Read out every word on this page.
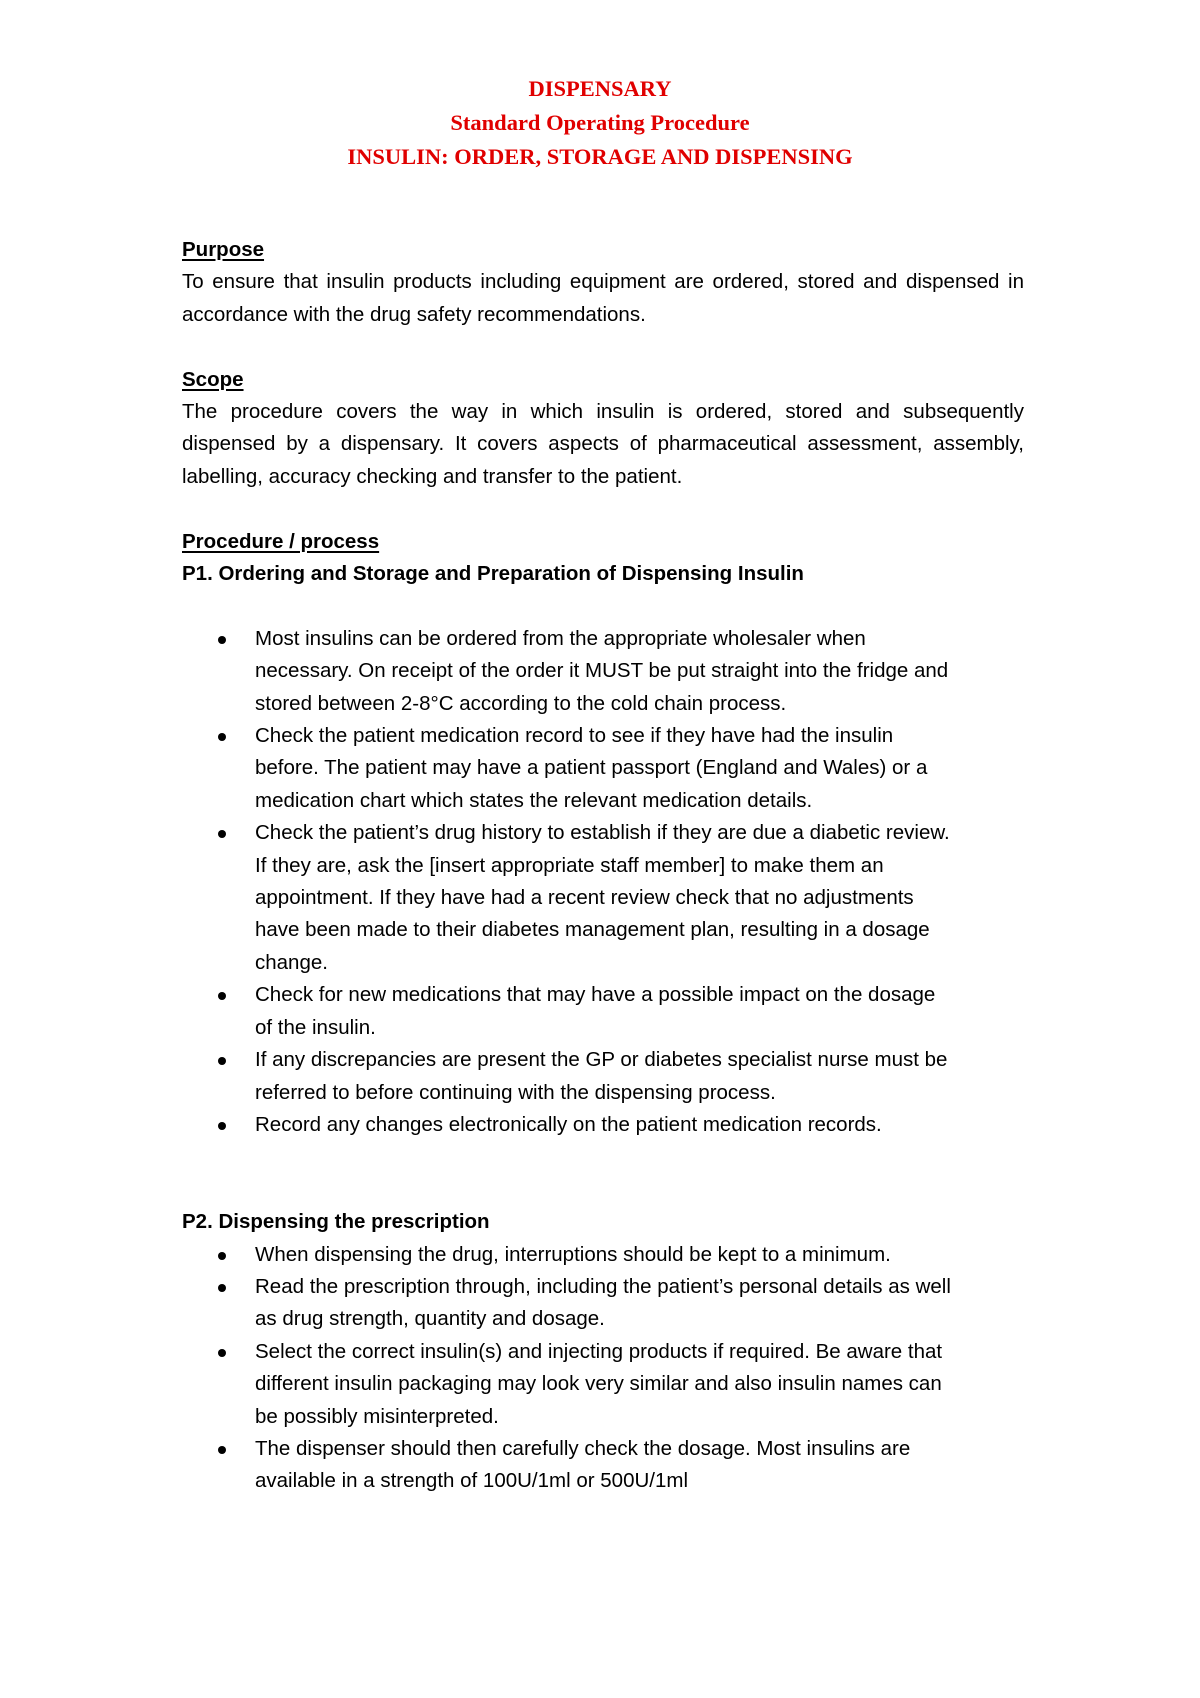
DISPENSARY
Standard Operating Procedure
INSULIN: ORDER, STORAGE AND DISPENSING

Purpose

To ensure that insulin products including equipment are ordered, stored and dispensed in accordance with the drug safety recommendations.

Scope

The procedure covers the way in which insulin is ordered, stored and subsequently dispensed by a dispensary. It covers aspects of pharmaceutical assessment, assembly, labelling, accuracy checking and transfer to the patient.

Procedure / process

P1. Ordering and Storage and Preparation of Dispensing Insulin

Most insulins can be ordered from the appropriate wholesaler when necessary. On receipt of the order it MUST be put straight into the fridge and stored between 2-8°C according to the cold chain process.
Check the patient medication record to see if they have had the insulin before. The patient may have a patient passport (England and Wales) or a medication chart which states the relevant medication details.
Check the patient’s drug history to establish if they are due a diabetic review. If they are, ask the [insert appropriate staff member] to make them an appointment. If they have had a recent review check that no adjustments have been made to their diabetes management plan, resulting in a dosage change.
Check for new medications that may have a possible impact on the dosage of the insulin.
If any discrepancies are present the GP or diabetes specialist nurse must be referred to before continuing with the dispensing process.
Record any changes electronically on the patient medication records.

P2. Dispensing the prescription

When dispensing the drug, interruptions should be kept to a minimum.
Read the prescription through, including the patient’s personal details as well as drug strength, quantity and dosage.
Select the correct insulin(s) and injecting products if required. Be aware that different insulin packaging may look very similar and also insulin names can be possibly misinterpreted.
The dispenser should then carefully check the dosage. Most insulins are available in a strength of 100U/1ml or 500U/1ml
